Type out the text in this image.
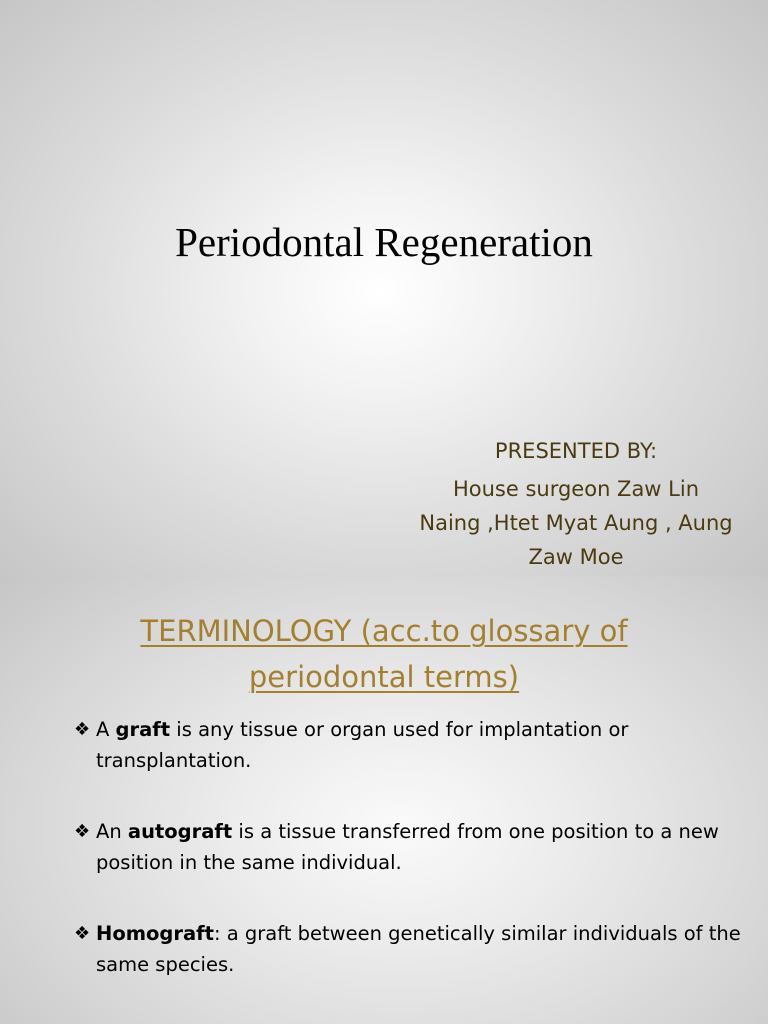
Periodontal Regeneration
PRESENTED BY:
House surgeon Zaw Lin
Naing ,Htet Myat Aung , Aung
Zaw Moe
TERMINOLOGY (acc.to glossary of
periodontal terms)
❖ A graft is any tissue or organ used for implantation or transplantation.
❖ An autograft is a tissue transferred from one position to a new position in the same individual.
❖ Homograft: a graft between genetically similar individuals of the same species.
